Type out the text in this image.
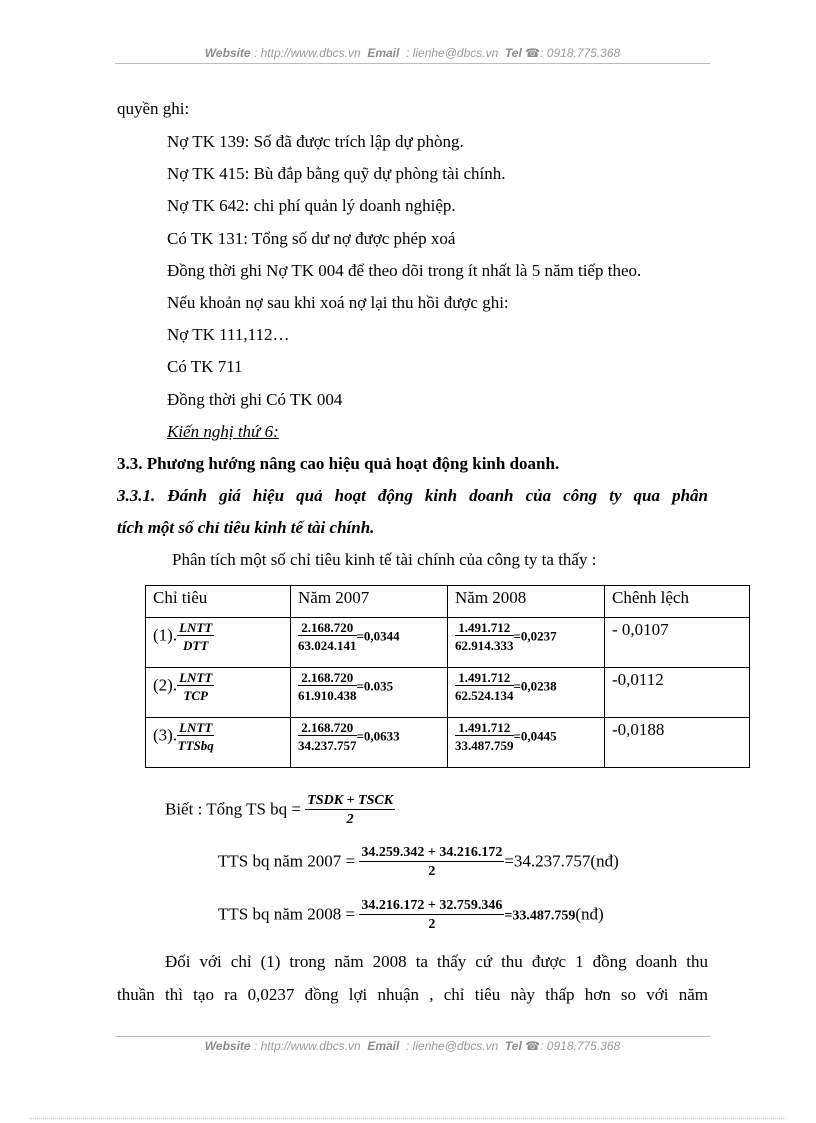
Website : http://www.dbcs.vn Email : lienhe@dbcs.vn Tel ☎: 0918.775.368
quyền ghi:
Nợ TK 139: Số đã được trích lập dự phòng.
Nợ TK 415: Bù đắp bằng quỹ dự phòng tài chính.
Nợ TK 642: chi phí quản lý doanh nghiệp.
Có TK 131: Tổng số dư nợ được phép xoá
Đồng thời ghi Nợ TK 004 để theo dõi trong ít nhất là 5 năm tiếp theo.
Nếu khoản nợ sau khi xoá nợ lại thu hồi được ghi:
Nợ TK 111,112…
Có TK 711
Đồng thời ghi Có TK 004
Kiến nghị thứ 6:
3.3. Phương hướng nâng cao hiệu quả hoạt động kinh doanh.
3.3.1. Đánh giá hiệu quả hoạt động kinh doanh của công ty qua phân
tích một số chỉ tiêu kinh tế tài chính.
Phân tích một số chỉ tiêu kinh tế tài chính của công ty ta thấy :
Chỉ tiêu	Năm 2007	Năm 2008	Chênh lệch
(1). $\frac{\text{LNTT}}{\text{DTT}}$	$\frac{2.168.720}{63.024.141} =0,0344$	$\frac{1.491.712}{62.914.333} =0,0237$	- 0,0107
(2). $\frac{\text{LNTT}}{\text{TCP}}$	$\frac{2.168.720}{61.910.438} =0.035$	$\frac{1.491.712}{62.524.134} =0,0238$	-0,0112
(3). $\frac{\text{LNTT}}{\text{TTSbq}}$	$\frac{2.168.720}{34.237.757} =0,0633$	$\frac{1.491.712}{33.487.759} =0,0445$	-0,0188
Biết : Tổng TS bq = TSDK + TSCK
2
TTS bq năm $2007 = \frac{34.259.342 + 34.216.172}{2}$ =34.237.757(nđ)
TTS bq năm $2008 = \frac{34.216.172 + 32.759.346}{2}$ =33.487.759(nđ)
Đối với chỉ (1) trong năm 2008 ta thấy cứ thu được 1 đồng doanh thu
thuần thì tạo ra 0,0237 đồng lợi nhuận , chỉ tiêu này thấp hơn so với năm
Website : http://www.dbcs.vn Email : lienhe@dbcs.vn Tel ☎: 0918.775.368
